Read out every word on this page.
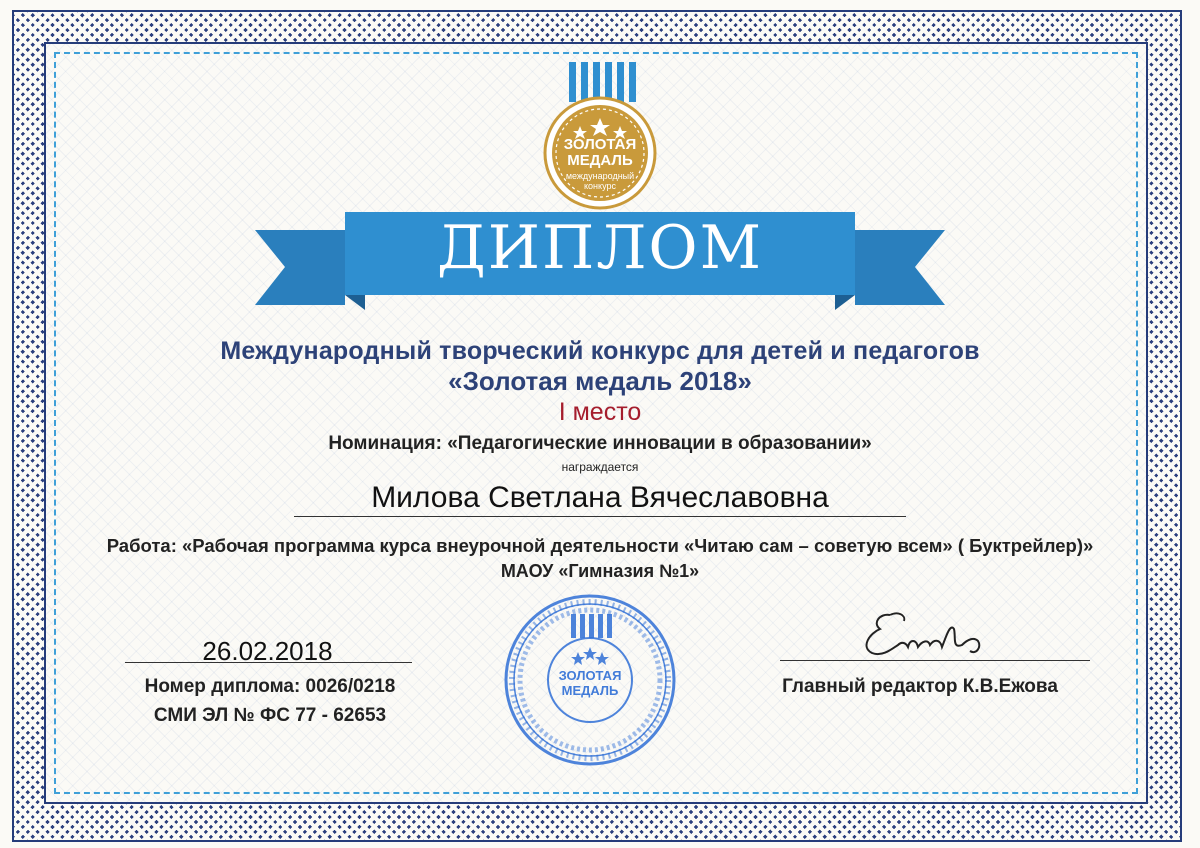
ЗОЛОТАЯ
МЕДАЛЬ
международный
конкурс
ДИПЛОМ
Международный творческий конкурс для детей и педагогов
«Золотая медаль 2018»
I место
Номинация: «Педагогические инновации в образовании»
награждается
Милова Светлана Вячеславовна
Работа: «Рабочая программа курса внеурочной деятельности «Читаю сам – советую всем» ( Буктрейлер)»
МАОУ «Гимназия №1»
26.02.2018
Номер диплома: 0026/0218
СМИ ЭЛ № ФС 77 - 62653
ЗОЛОТАЯ
МЕДАЛЬ	Главный редактор К.В.Ежова
